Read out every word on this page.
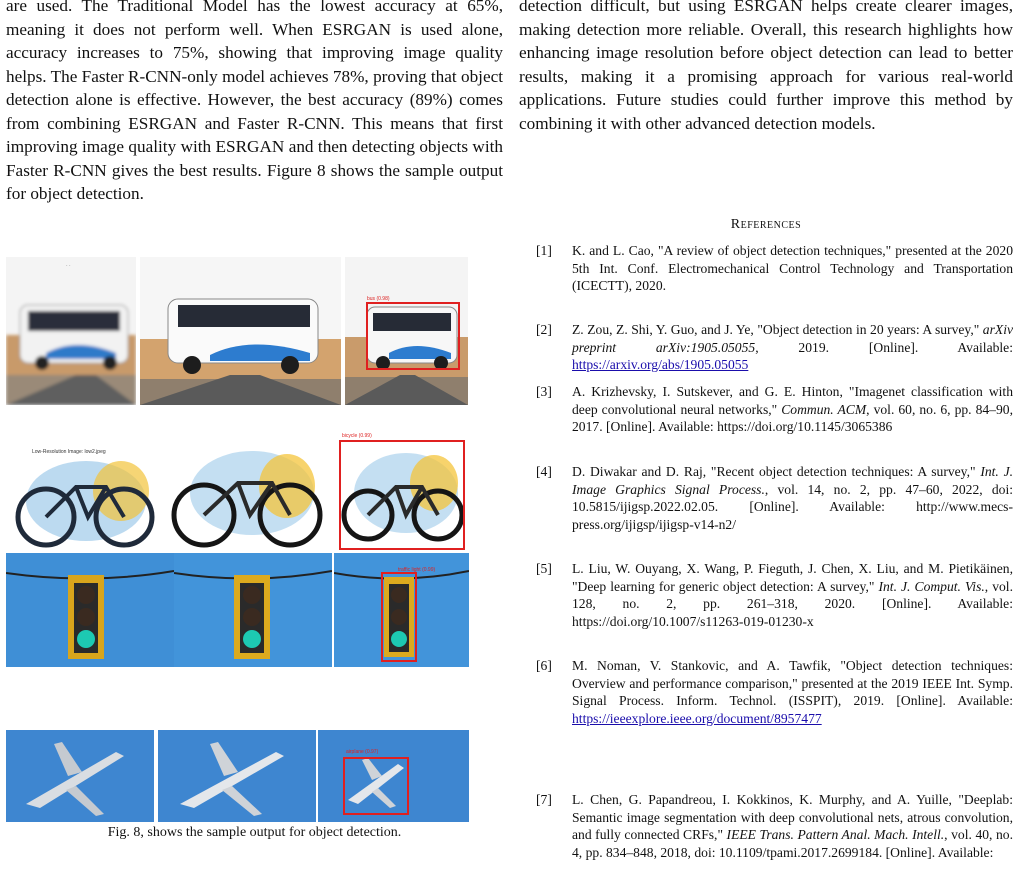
are used. The Traditional Model has the lowest accuracy at 65%, meaning it does not perform well. When ESRGAN is used alone, accuracy increases to 75%, showing that improving image quality helps. The Faster R-CNN-only model achieves 78%, proving that object detection alone is effective. However, the best accuracy (89%) comes from combining ESRGAN and Faster R-CNN. This means that first improving image quality with ESRGAN and then detecting objects with Faster R-CNN gives the best results. Figure 8 shows the sample output for object detection.

detection difficult, but using ESRGAN helps create clearer images, making detection more reliable. Overall, this research highlights how enhancing image resolution before object detection can lead to better results, making it a promising approach for various real-world applications. Future studies could further improve this method by combining it with other advanced detection models.

· ·
bus (0.98)
Low-Resolution Image: low2.jpeg
bicycle (0.99)
traffic light (0.99)
airplane (0.97)
Fig. 8, shows the sample output for object detection.
References
[1]	K. and L. Cao, "A review of object detection techniques," presented at the 2020 5th Int. Conf. Electromechanical Control Technology and Transportation (ICECTT), 2020.
[2]	Z. Zou, Z. Shi, Y. Guo, and J. Ye, "Object detection in 20 years: A survey," arXiv preprint arXiv:1905.05055, 2019. [Online]. Available: https://arxiv.org/abs/1905.05055
[3]	A. Krizhevsky, I. Sutskever, and G. E. Hinton, "Imagenet classification with deep convolutional neural networks," Commun. ACM, vol. 60, no. 6, pp. 84–90, 2017. [Online]. Available: https://doi.org/10.1145/3065386
[4]	D. Diwakar and D. Raj, "Recent object detection techniques: A survey," Int. J. Image Graphics Signal Process., vol. 14, no. 2, pp. 47–60, 2022, doi: 10.5815/ijigsp.2022.02.05. [Online]. Available: http://www.mecs-press.org/ijigsp/ijigsp-v14-n2/
[5]	L. Liu, W. Ouyang, X. Wang, P. Fieguth, J. Chen, X. Liu, and M. Pietikäinen, "Deep learning for generic object detection: A survey," Int. J. Comput. Vis., vol. 128, no. 2, pp. 261–318, 2020. [Online]. Available: https://doi.org/10.1007/s11263-019-01230-x
[6]	M. Noman, V. Stankovic, and A. Tawfik, "Object detection techniques: Overview and performance comparison," presented at the 2019 IEEE Int. Symp. Signal Process. Inform. Technol. (ISSPIT), 2019. [Online]. Available: https://ieeexplore.ieee.org/document/8957477
[7]	L. Chen, G. Papandreou, I. Kokkinos, K. Murphy, and A. Yuille, "Deeplab: Semantic image segmentation with deep convolutional nets, atrous convolution, and fully connected CRFs," IEEE Trans. Pattern Anal. Mach. Intell., vol. 40, no. 4, pp. 834–848, 2018, doi: 10.1109/tpami.2017.2699184. [Online]. Available:
